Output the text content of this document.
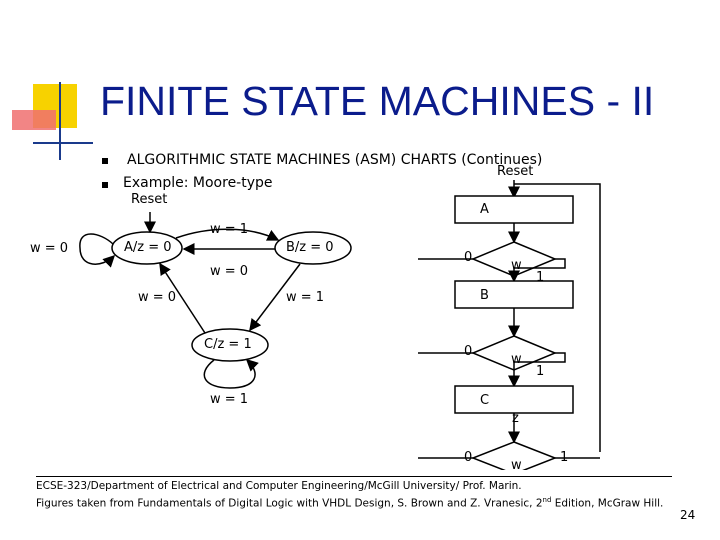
FINITE STATE MACHINES - II
ALGORITHMIC STATE MACHINES (ASM) CHARTS (Continues)
Example: Moore-type
Reset
w = 0
w = 1
w = 0
w = 0	w = 1
w = 1
A/z = 0	B/z = 0
C/z = 1
Reset
A
B
C
z
0
w
1
0
w
1
0
w
1
ECSE-323/Department of Electrical and Computer Engineering/McGill University/ Prof. Marin.
Figures taken from Fundamentals of Digital Logic with VHDL Design, S. Brown and Z. Vranesic, 2nd Edition, McGraw Hill.
24
